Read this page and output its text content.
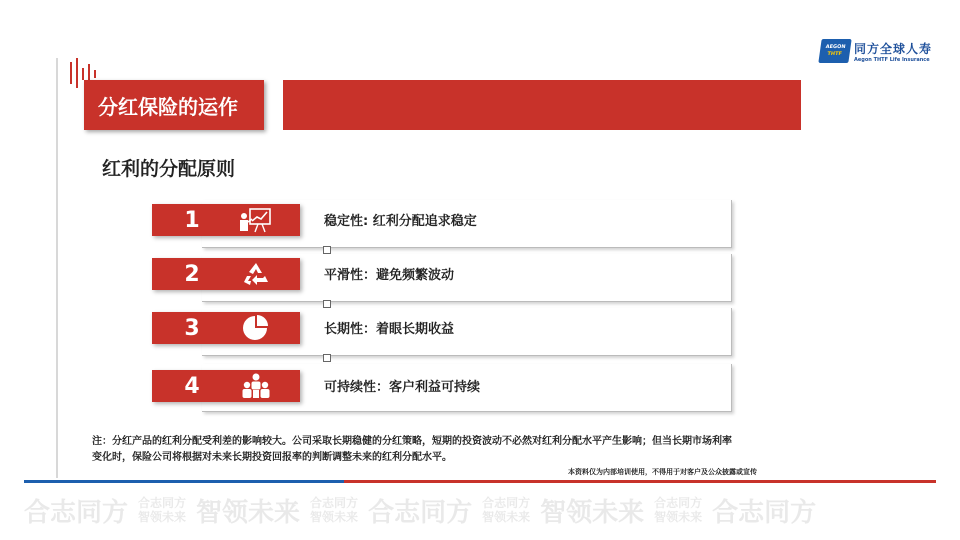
AEGON
THTF 同方全球人寿
Aegon THTF Life Insurance
分红保险的运作
红利的分配原则
1	稳定性: 红利分配追求稳定
2	平滑性：避免频繁波动
3	长期性：着眼长期收益
4	可持续性：客户利益可持续
注：分红产品的红利分配受利差的影响较大。公司采取长期稳健的分红策略，短期的投资波动不必然对红利分配水平产生影响；但当长期市场利率变化时，保险公司将根据对未来长期投资回报率的判断调整未来的红利分配水平。
本资料仅为内部培训使用，不得用于对客户及公众披露或宣传
合志同方 合志同方
智领未来 智领未来 合志同方
智领未来 合志同方 合志同方
智领未来 智领未来 合志同方
智领未来 合志同方
